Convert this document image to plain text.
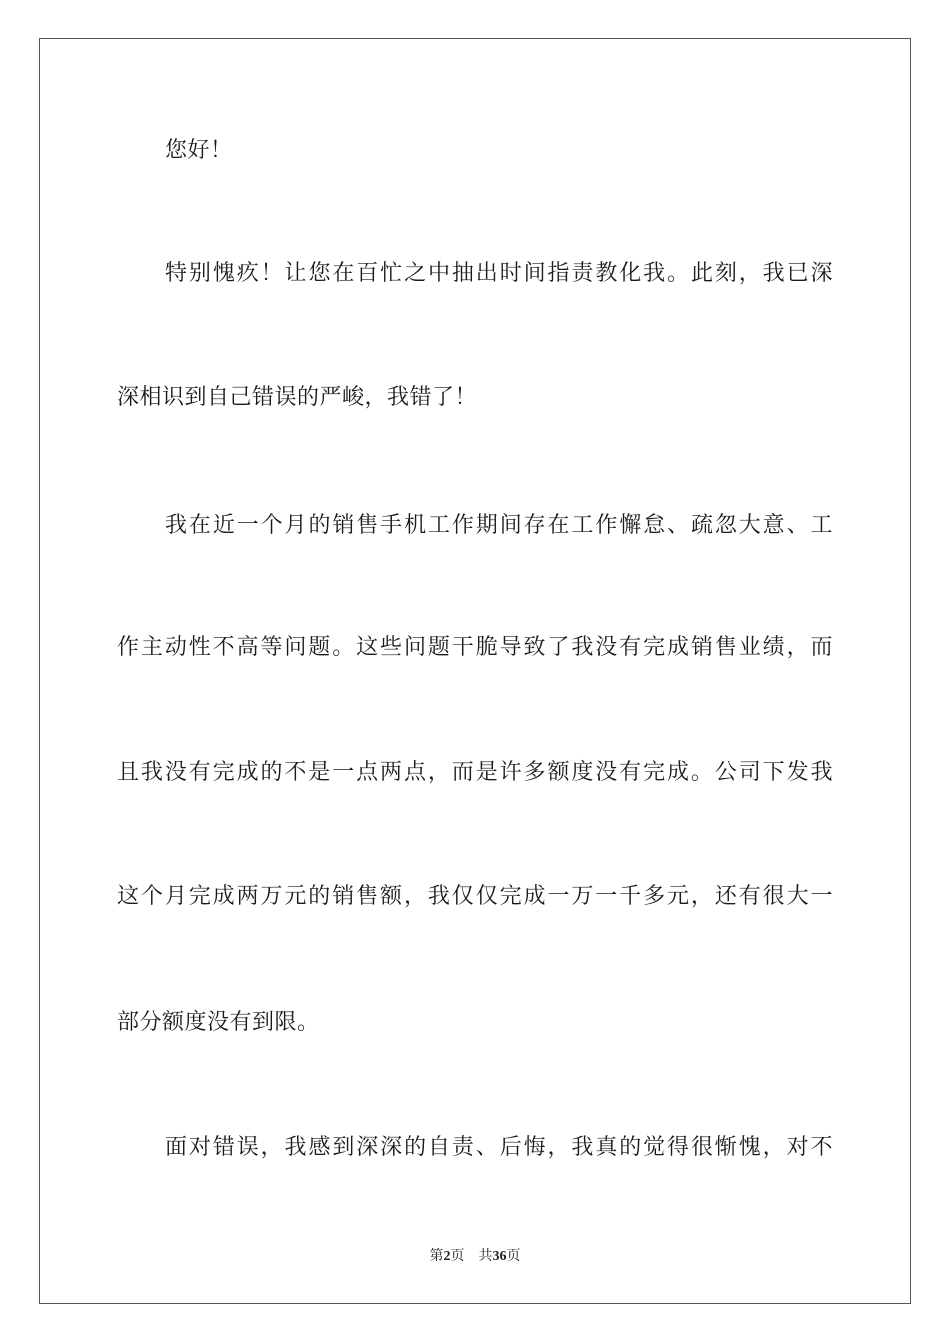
您好！
特别愧疚！让您在百忙之中抽出时间指责教化我。此刻，我已深
深相识到自己错误的严峻，我错了！
我在近一个月的销售手机工作期间存在工作懈怠、疏忽大意、工
作主动性不高等问题。这些问题干脆导致了我没有完成销售业绩，而
且我没有完成的不是一点两点，而是许多额度没有完成。公司下发我
这个月完成两万元的销售额，我仅仅完成一万一千多元，还有很大一
部分额度没有到限。
面对错误，我感到深深的自责、后悔，我真的觉得很惭愧，对不
第2页 共36页
